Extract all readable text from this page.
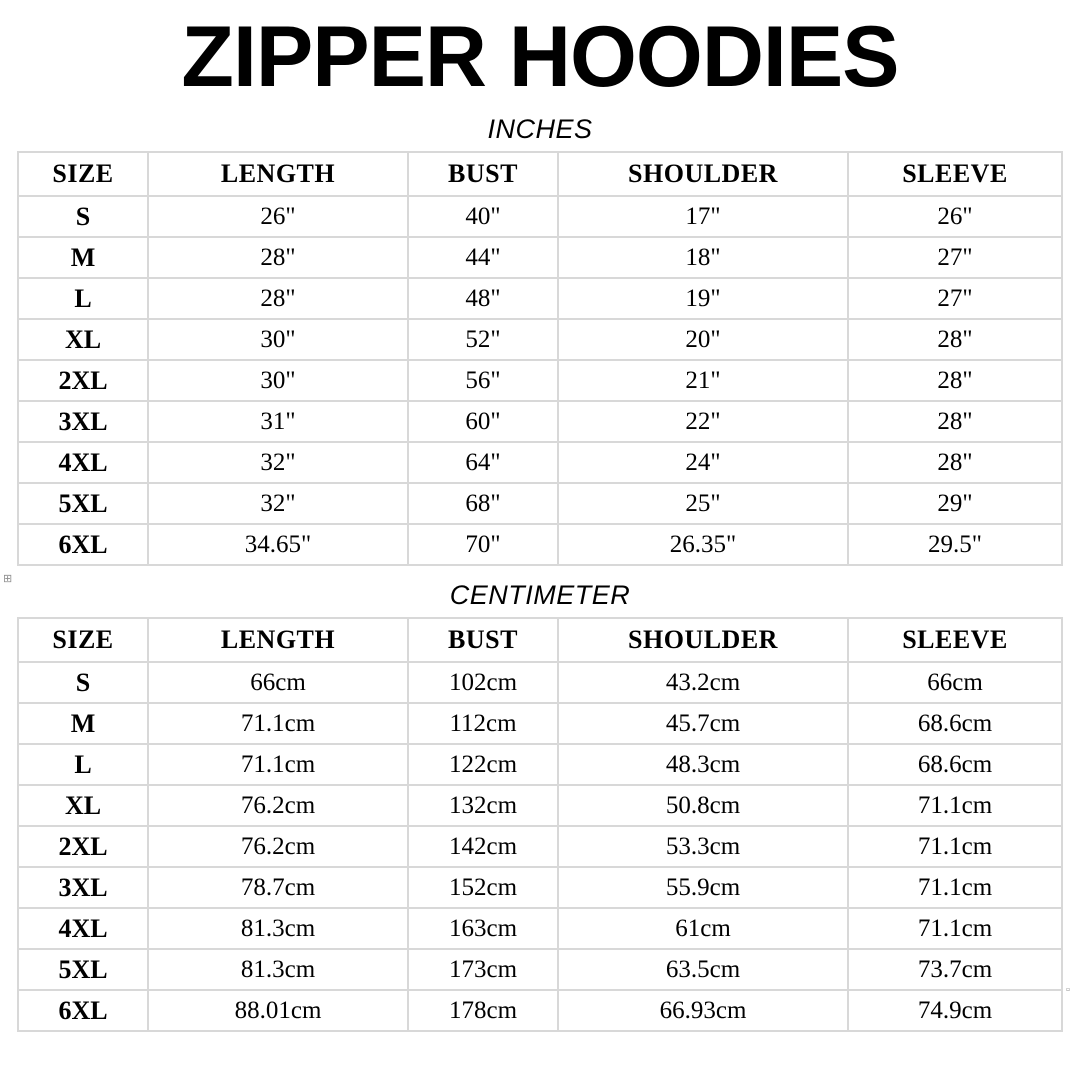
ZIPPER HOODIES
INCHES
SIZE	LENGTH	BUST	SHOULDER	SLEEVE
S	26"	40"	17"	26"
M	28"	44"	18"	27"
L	28"	48"	19"	27"
XL	30"	52"	20"	28"
2XL	30"	56"	21"	28"
3XL	31"	60"	22"	28"
4XL	32"	64"	24"	28"
5XL	32"	68"	25"	29"
6XL	34.65"	70"	26.35"	29.5"
CENTIMETER
SIZE	LENGTH	BUST	SHOULDER	SLEEVE
S	66cm	102cm	43.2cm	66cm
M	71.1cm	112cm	45.7cm	68.6cm
L	71.1cm	122cm	48.3cm	68.6cm
XL	76.2cm	132cm	50.8cm	71.1cm
2XL	76.2cm	142cm	53.3cm	71.1cm
3XL	78.7cm	152cm	55.9cm	71.1cm
4XL	81.3cm	163cm	61cm	71.1cm
5XL	81.3cm	173cm	63.5cm	73.7cm
6XL	88.01cm	178cm	66.93cm	74.9cm
⊞
▫
